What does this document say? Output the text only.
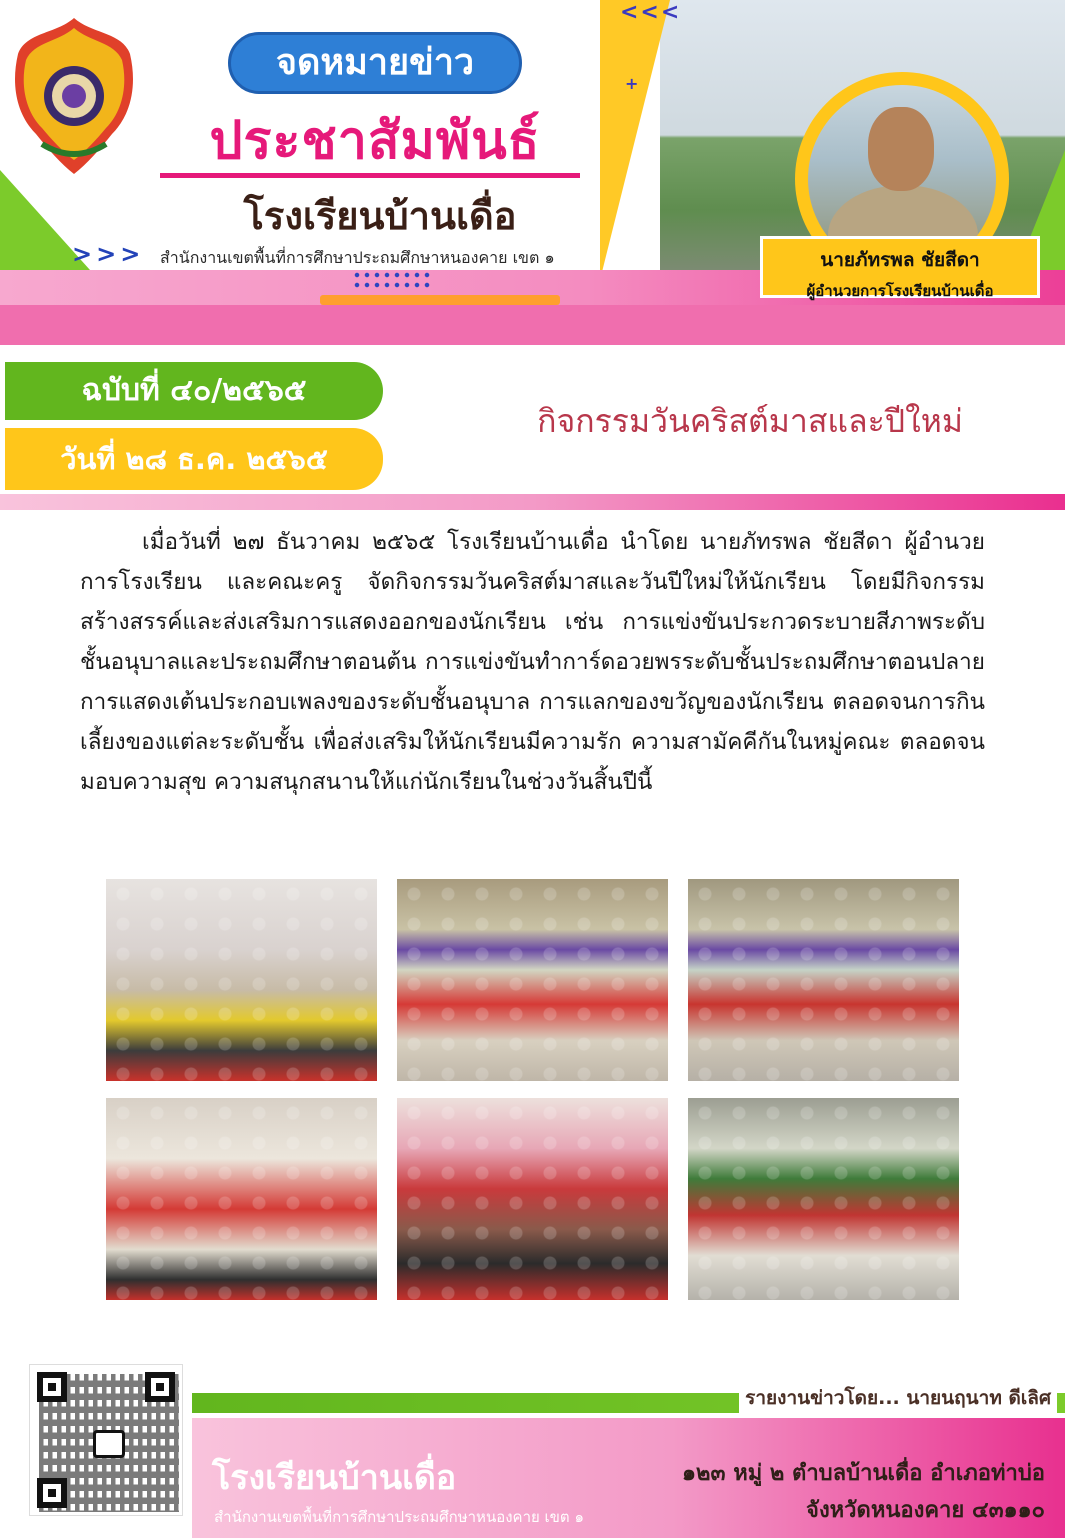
<<<
+
จดหมายข่าว
ประชาสัมพันธ์
โรงเรียนบ้านเดื่อ
>>> สำนักงานเขตพื้นที่การศึกษาประถมศึกษาหนองคาย เขต ๑	นายภัทรพล ชัยสีดา
ผู้อำนวยการโรงเรียนบ้านเดื่อ
ฉบับที่ ๔๐/๒๕๖๕
วันที่ ๒๘ ธ.ค. ๒๕๖๕
กิจกรรมวันคริสต์มาสและปีใหม่

เมื่อวันที่ ๒๗ ธันวาคม ๒๕๖๕ โรงเรียนบ้านเดื่อ นำโดย นายภัทรพล ชัยสีดา ผู้อำนวยการโรงเรียน และคณะครู จัดกิจกรรมวันคริสต์มาสและวันปีใหม่ให้นักเรียน โดยมีกิจกรรมสร้างสรรค์และส่งเสริมการแสดงออกของนักเรียน เช่น การแข่งขันประกวดระบายสีภาพระดับชั้นอนุบาลและประถมศึกษาตอนต้น การแข่งขันทำการ์ดอวยพรระดับชั้นประถมศึกษาตอนปลาย การแสดงเต้นประกอบเพลงของระดับชั้นอนุบาล การแลกของขวัญของนักเรียน ตลอดจนการกินเลี้ยงของแต่ละระดับชั้น เพื่อส่งเสริมให้นักเรียนมีความรัก ความสามัคคีกันในหมู่คณะ ตลอดจนมอบความสุข ความสนุกสนานให้แก่นักเรียนในช่วงวันสิ้นปีนี้

รายงานข่าวโดย... นายนฤนาท ดีเลิศ
โรงเรียนบ้านเดื่อ
สำนักงานเขตพื้นที่การศึกษาประถมศึกษาหนองคาย เขต ๑
๑๒๓ หมู่ ๒ ตำบลบ้านเดื่อ อำเภอท่าบ่อ
จังหวัดหนองคาย ๔๓๑๑๐
